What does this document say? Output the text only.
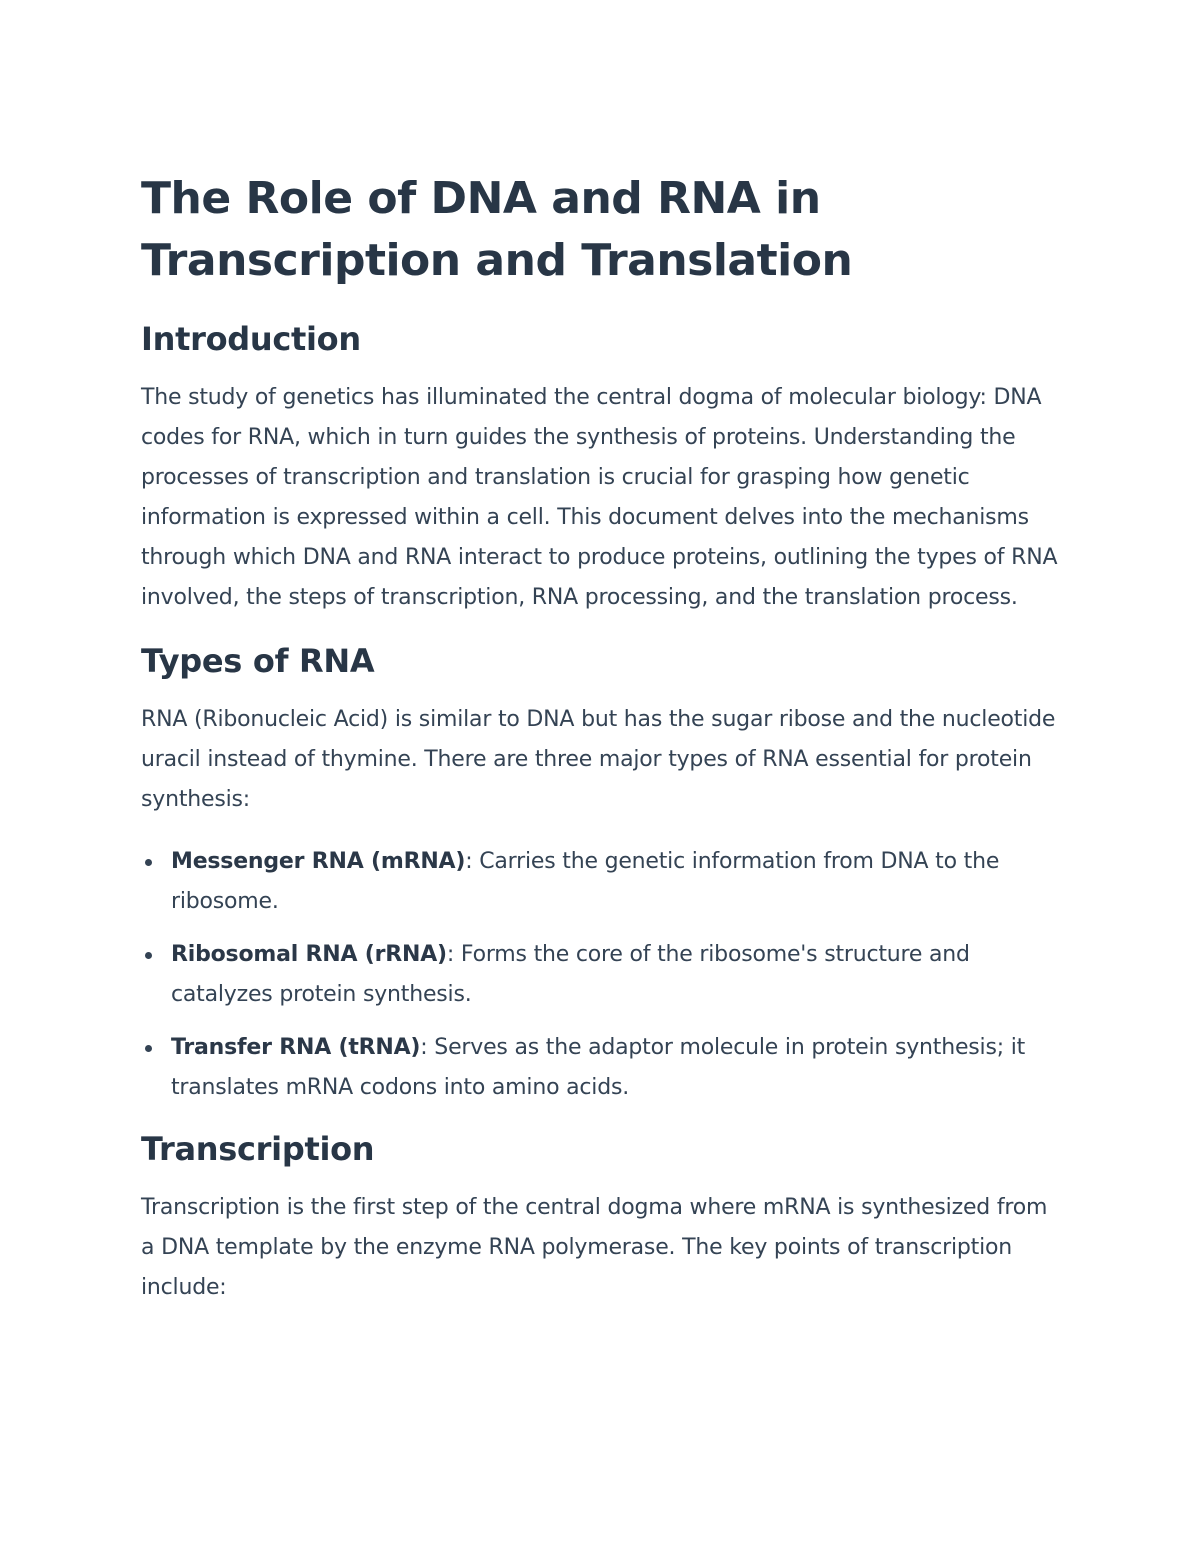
The Role of DNA and RNA in Transcription and Translation
Introduction

The study of genetics has illuminated the central dogma of molecular biology: DNA codes for RNA, which in turn guides the synthesis of proteins. Understanding the processes of transcription and translation is crucial for grasping how genetic information is expressed within a cell. This document delves into the mechanisms through which DNA and RNA interact to produce proteins, outlining the types of RNA involved, the steps of transcription, RNA processing, and the translation process.

Types of RNA

RNA (Ribonucleic Acid) is similar to DNA but has the sugar ribose and the nucleotide uracil instead of thymine. There are three major types of RNA essential for protein synthesis:

Messenger RNA (mRNA): Carries the genetic information from DNA to the ribosome.
Ribosomal RNA (rRNA): Forms the core of the ribosome's structure and catalyzes protein synthesis.
Transfer RNA (tRNA): Serves as the adaptor molecule in protein synthesis; it translates mRNA codons into amino acids.
Transcription

Transcription is the first step of the central dogma where mRNA is synthesized from a DNA template by the enzyme RNA polymerase. The key points of transcription include:
